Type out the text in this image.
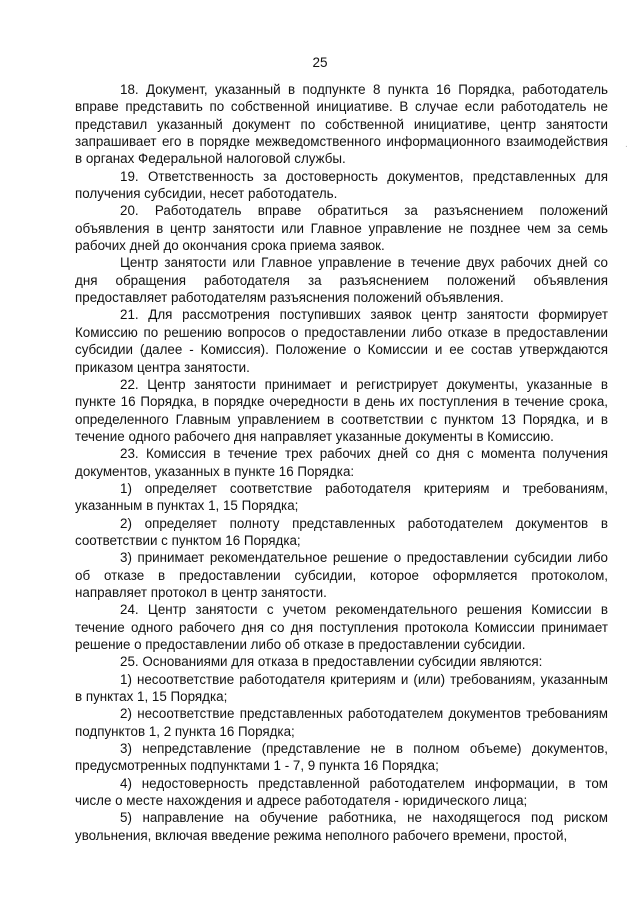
25
.

18. Документ, указанный в подпункте 8 пункта 16 Порядка, работодатель вправе представить по собственной инициативе. В случае если работодатель не представил указанный документ по собственной инициативе, центр занятости запрашивает его в порядке межведомственного информационного взаимодействия в органах Федеральной налоговой службы.

19. Ответственность за достоверность документов, представленных для получения субсидии, несет работодатель.

20. Работодатель вправе обратиться за разъяснением положений объявления в центр занятости или Главное управление не позднее чем за семь рабочих дней до окончания срока приема заявок.

Центр занятости или Главное управление в течение двух рабочих дней со дня обращения работодателя за разъяснением положений объявления предоставляет работодателям разъяснения положений объявления.

21. Для рассмотрения поступивших заявок центр занятости формирует Комиссию по решению вопросов о предоставлении либо отказе в предоставлении субсидии (далее - Комиссия). Положение о Комиссии и ее состав утверждаются приказом центра занятости.

22. Центр занятости принимает и регистрирует документы, указанные в пункте 16 Порядка, в порядке очередности в день их поступления в течение срока, определенного Главным управлением в соответствии с пунктом 13 Порядка, и в течение одного рабочего дня направляет указанные документы в Комиссию.

23. Комиссия в течение трех рабочих дней со дня с момента получения документов, указанных в пункте 16 Порядка:

1) определяет соответствие работодателя критериям и требованиям, указанным в пунктах 1, 15 Порядка;

2) определяет полноту представленных работодателем документов в соответствии с пунктом 16 Порядка;

3) принимает рекомендательное решение о предоставлении субсидии либо об отказе в предоставлении субсидии, которое оформляется протоколом, направляет протокол в центр занятости.

24. Центр занятости с учетом рекомендательного решения Комиссии в течение одного рабочего дня со дня поступления протокола Комиссии принимает решение о предоставлении либо об отказе в предоставлении субсидии.

25. Основаниями для отказа в предоставлении субсидии являются:

1) несоответствие работодателя критериям и (или) требованиям, указанным в пунктах 1, 15 Порядка;

2) несоответствие представленных работодателем документов требованиям подпунктов 1, 2 пункта 16 Порядка;

3) непредставление (представление не в полном объеме) документов, предусмотренных подпунктами 1 - 7, 9 пункта 16 Порядка;

4) недостоверность представленной работодателем информации, в том числе о месте нахождения и адресе работодателя - юридического лица;

5) направление на обучение работника, не находящегося под риском увольнения, включая введение режима неполного рабочего времени, простой,
